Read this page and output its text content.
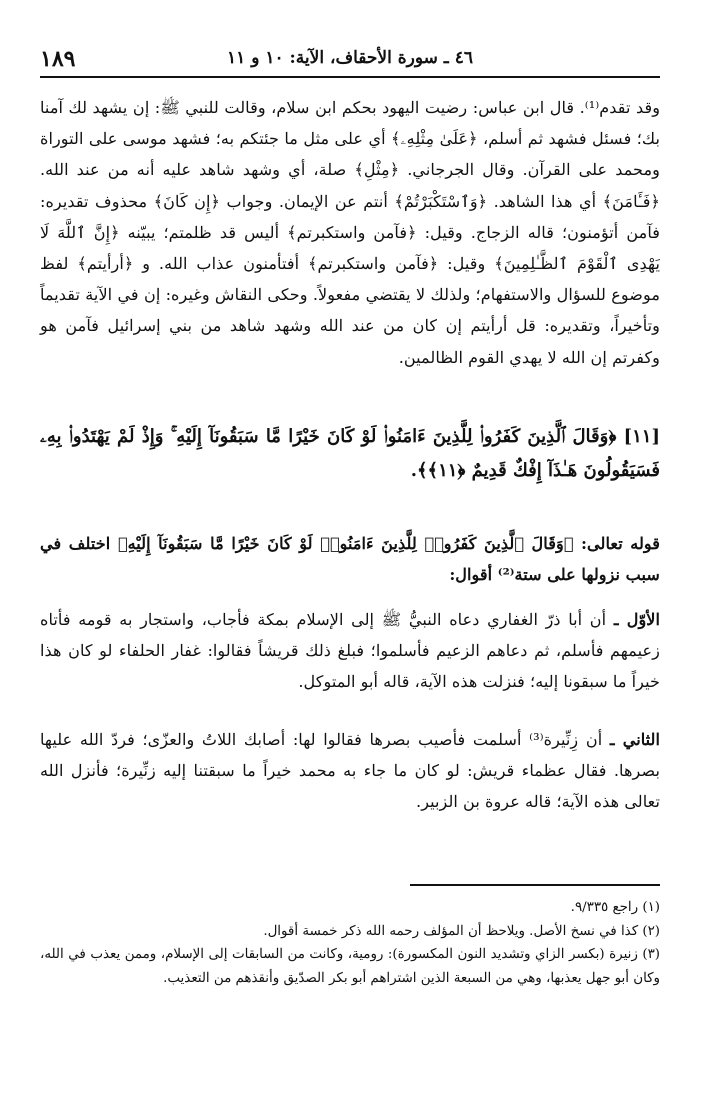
١٨٩	٤٦ ـ سورة الأحقاف، الآية: ١٠ و ١١
وقد تقدم⁽¹⁾. قال ابن عباس: رضيت اليهود بحكم ابن سلام، وقالت للنبي ﷺ: إن يشهد لك آمنا بك؛ فسئل فشهد ثم أسلم، ﴿عَلَىٰ مِثْلِهِۦ﴾ أي على مثل ما جئتكم به؛ فشهد موسى على التوراة ومحمد على القرآن. وقال الجرجاني. ﴿مِثْلِ﴾ صلة، أي وشهد شاهد عليه أنه من عند الله. ﴿فَـَٔامَنَ﴾ أي هذا الشاهد. ﴿وَٱسْتَكْبَرْتُمْ﴾ أنتم عن الإيمان. وجواب ﴿إِن كَانَ﴾ محذوف تقديره: فآمن أتؤمنون؛ قاله الزجاج. وقيل: ﴿فآمن واستكبرتم﴾ أليس قد ظلمتم؛ يبيّنه ﴿إِنَّ ٱللَّهَ لَا يَهْدِى ٱلْقَوْمَ ٱلظَّـٰلِمِينَ﴾ وقيل: ﴿فآمن واستكبرتم﴾ أفتأمنون عذاب الله. و ﴿أرأيتم﴾ لفظ موضوع للسؤال والاستفهام؛ ولذلك لا يقتضي مفعولاً. وحكى النقاش وغيره: إن في الآية تقديماً وتأخيراً، وتقديره: قل أرأيتم إن كان من عند الله وشهد شاهد من بني إسرائيل فآمن هو وكفرتم إن الله لا يهدي القوم الظالمين.
[١١] ﴿وَقَالَ ٱلَّذِينَ كَفَرُوا۟ لِلَّذِينَ ءَامَنُوا۟ لَوْ كَانَ خَيْرًا مَّا سَبَقُونَآ إِلَيْهِ ۚ وَإِذْ لَمْ يَهْتَدُوا۟ بِهِۦ فَسَيَقُولُونَ هَـٰذَآ إِفْكٌ قَدِيمٌ ﴿١١﴾﴾.
قوله تعالى: ﴿وَقَالَ ٱلَّذِينَ كَفَرُوا۟ لِلَّذِينَ ءَامَنُوا۟ لَوْ كَانَ خَيْرًا مَّا سَبَقُونَآ إِلَيْهِ﴾ اختلف في سبب نزولها على ستة⁽²⁾ أقوال:
الأوّل ـ أن أبا ذرّ الغفاري دعاه النبيُّ ﷺ إلى الإسلام بمكة فأجاب، واستجار به قومه فأتاه زعيمهم فأسلم، ثم دعاهم الزعيم فأسلموا؛ فبلغ ذلك قريشاً فقالوا: غفار الحلفاء لو كان هذا خيراً ما سبقونا إليه؛ فنزلت هذه الآية، قاله أبو المتوكل.
الثاني ـ أن زِنِّيرة⁽³⁾ أسلمت فأصيب بصرها فقالوا لها: أصابك اللاتُ والعزّى؛ فردّ الله عليها بصرها. فقال عظماء قريش: لو كان ما جاء به محمد خيراً ما سبقتنا إليه زنِّيرة؛ فأنزل الله تعالى هذه الآية؛ قاله عروة بن الزبير.

(١) راجع ٩/٣٣٥.

(٢) كذا في نسخ الأصل. ويلاحظ أن المؤلف رحمه الله ذكر خمسة أقوال.

(٣) زنيرة (بكسر الزاي وتشديد النون المكسورة): رومية، وكانت من السابقات إلى الإسلام، وممن يعذب في الله، وكان أبو جهل يعذبها، وهي من السبعة الذين اشتراهم أبو بكر الصدّيق وأنقذهم من التعذيب.
